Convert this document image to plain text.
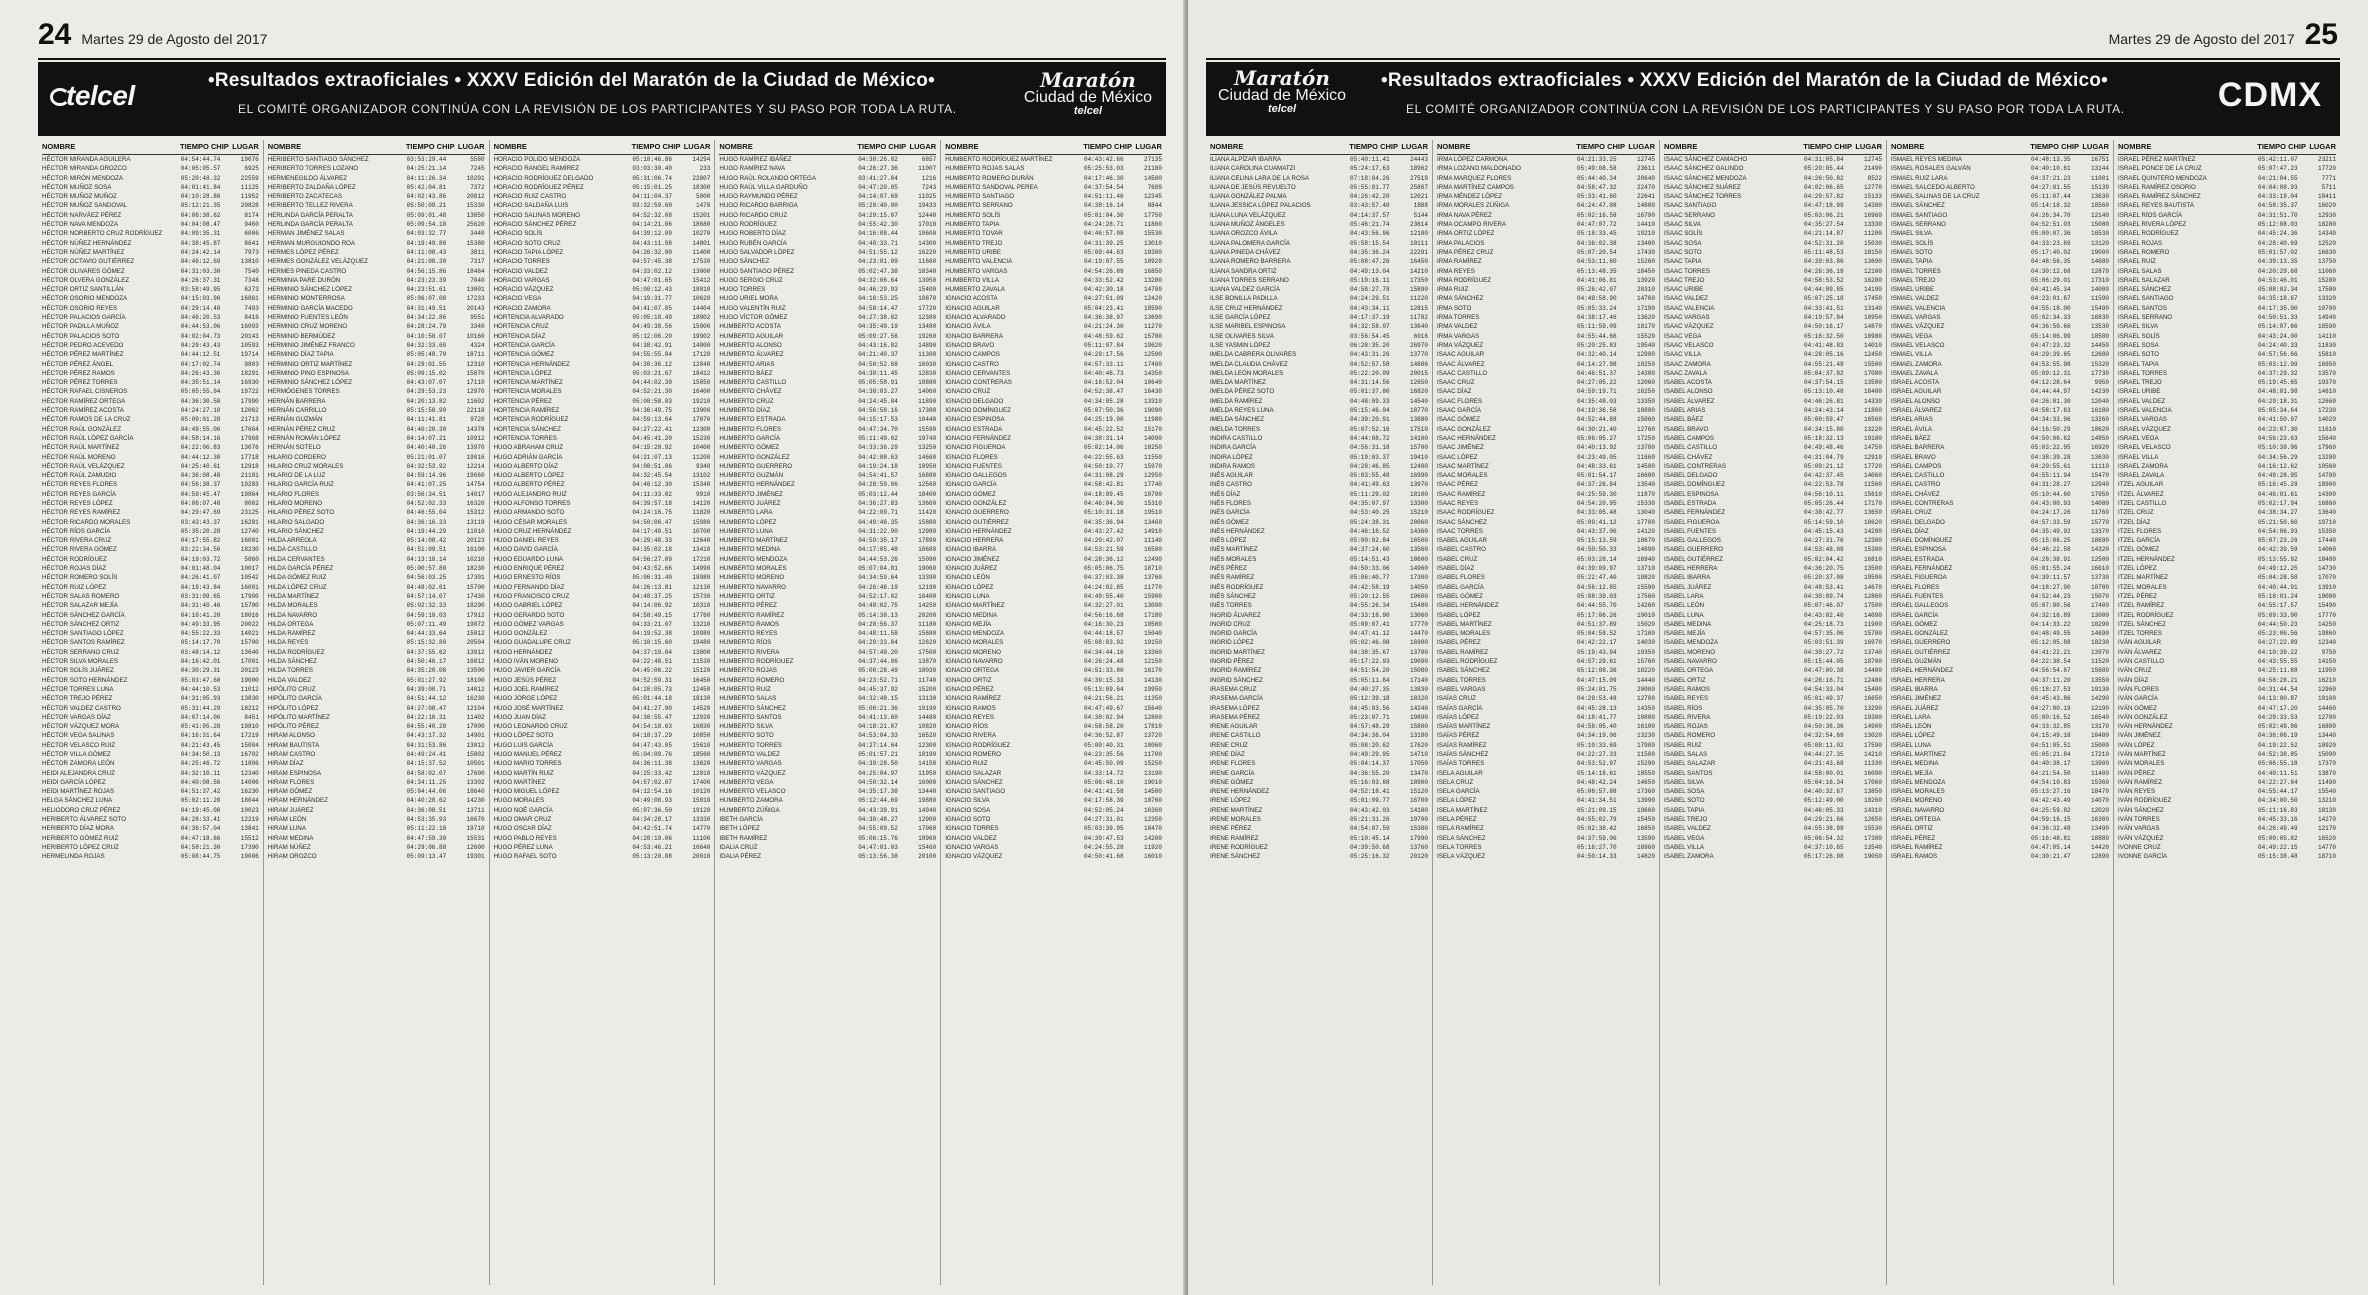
24 Martes 29 de Agosto del 2017
telcel	•Resultados extraoficiales • XXXV Edición del Maratón de la Ciudad de México•
EL COMITÉ ORGANIZADOR CONTINÚA CON LA REVISIÓN DE LOS PARTICIPANTES Y SU PASO POR TODA LA RUTA.
Maratón
Ciudad de México
telcel
NOMBRE	TIEMPO CHIP LUGAR
HÉCTOR MIRANDA AGUILERA	04:54:44.74	19076
HÉCTOR MIRANDA OROZCO	04:05:05.57	6925
HÉCTOR MIRÓN MENDOZA	05:20:48.32	22559
HÉCTOR MUÑOZ SOSA	04:01:41.84	11125
HÉCTOR MUÑOZ MUÑOZ	04:10:28.80	11952
HÉCTOR MUÑOZ SANDOVAL	05:12:21.35	20828
HÉCTOR NARVÁEZ PÉREZ	04:06:38.62	8174
HÉCTOR NAVA MENDOZA	04:04:08.47	9460
HÉCTOR NORBERTO CRUZ RODRÍGUEZ	04:09:35.31	6006
HÉCTOR NÚÑEZ HERNÁNDEZ	04:38:45.87	8641
HÉCTOR NÚÑEZ MARTÍNEZ	04:24:42.14	7973
HÉCTOR OCTAVIO GUTIÉRREZ	04:46:12.69	13810
HÉCTOR OLIVARES GÓMEZ	04:31:03.30	7540
HÉCTOR OLVERA GONZÁLEZ	04:26:37.31	7348
HÉCTOR ORTIZ SANTILLÁN	03:58:49.95	6273
HÉCTOR OSORIO MENDOZA	04:15:03.90	16861
HÉCTOR OSORIO REYES	04:29:14.40	7493
HÉCTOR PALACIOS GARCÍA	04:46:20.53	8416
HÉCTOR PADILLA MUÑOZ	04:44:53.06	16093
HÉCTOR PALACIOS SOTO	04:02:04.73	20143
HÉCTOR PEDRO ACEVEDO	04:29:43.43	10593
HÉCTOR PÉREZ MARTÍNEZ	04:44:12.51	19714
HÉCTOR PÉREZ ÁNGEL	04:17:02.74	9803
HÉCTOR PÉREZ RAMOS	04:26:43.36	18291
HÉCTOR PÉREZ TORRES	04:35:51.14	16930
HÉCTOR RAFAEL CISNEROS	05:05:55.94	19722
HÉCTOR RAMÍREZ ORTEGA	04:36:30.58	17990
HÉCTOR RAMÍREZ ACOSTA	04:24:27.10	12062
HÉCTOR RAMOS DE LA CRUZ	05:09:01.28	21713
HÉCTOR RAÚL GONZÁLEZ	04:49:55.06	17604
HÉCTOR RAÚL LÓPEZ GARCÍA	04:58:14.16	17968
HÉCTOR RAÚL MARTÍNEZ	04:22:06.83	13076
HÉCTOR RAÚL MORENO	04:44:12.30	17718
HÉCTOR RAÚL VELÁZQUEZ	04:25:40.61	12918
HÉCTOR RAÚL ZAMUDIO	04:36:08.48	21101
HÉCTOR REYES FLORES	04:56:38.37	19283
HÉCTOR REYES GARCÍA	04:59:45.47	19864
HÉCTOR REYES LÓPEZ	04:06:07.48	8002
HÉCTOR REYES RAMÍREZ	04:29:47.69	23125
HÉCTOR RICARDO MORALES	03:43:43.37	16281
HÉCTOR RÍOS GARCÍA	05:35:20.28	12740
HÉCTOR RIVERA CRUZ	04:17:55.82	16001
HÉCTOR RIVERA GÓMEZ	03:22:34.56	18230
HÉCTOR RODRÍGUEZ	04:19:03.72	5860
HÉCTOR ROJAS DÍAZ	04:01:48.04	10017
HÉCTOR ROMERO SOLÍS	04:26:41.07	10542
HÉCTOR RUIZ LÓPEZ	04:19:43.84	16001
HÉCTOR SALAS ROMERO	03:31:09.65	17900
HÉCTOR SALAZAR MEJÍA	04:31:40.46	15700
HÉCTOR SÁNCHEZ GARCÍA	04:10:41.20	18016
HÉCTOR SÁNCHEZ ORTIZ	04:49:33.95	20022
HÉCTOR SANTIAGO LÓPEZ	04:55:22.33	14021
HÉCTOR SANTOS RAMÍREZ	05:14:17.70	15700
HÉCTOR SERRANO CRUZ	03:48:14.12	13640
HÉCTOR SILVA MORALES	04:16:42.01	17001
HÉCTOR SOLÍS JUÁREZ	04:30:29.31	20123
HÉCTOR SOTO HERNÁNDEZ	05:03:47.60	19000
HÉCTOR TORRES LUNA	04:44:10.53	11012
HÉCTOR TREJO PÉREZ	04:31:05.93	13830
HÉCTOR VALDEZ CASTRO	05:31:44.29	18212
HÉCTOR VARGAS DÍAZ	04:07:14.06	8451
HÉCTOR VÁZQUEZ MORA	05:41:05.28	19810
HÉCTOR VEGA SALINAS	04:16:31.64	17219
HÉCTOR VELASCO RUIZ	04:21:43.45	15004
HÉCTOR VILLA GÓMEZ	04:34:50.13	16702
HÉCTOR ZAMORA LEÓN	04:25:46.72	11806
HEIDI ALEJANDRA CRUZ	04:32:10.11	12340
HEIDI GARCÍA LÓPEZ	04:40:08.56	14006
HEIDI MARTÍNEZ ROJAS	04:51:37.42	16230
HELGA SÁNCHEZ LUNA	05:02:11.20	18044
HELIODORO CRUZ PÉREZ	04:19:45.08	10023
HERIBERTO ÁLVAREZ SOTO	04:28:33.41	12219
HERIBERTO DÍAZ MORA	04:36:57.04	13841
HERIBERTO GÓMEZ RUIZ	04:47:18.66	15512
HERIBERTO LÓPEZ CRUZ	04:58:21.30	17390
HERMELINDA ROJAS	05:08:44.75	19006
NOMBRE	TIEMPO CHIP LUGAR
HERIBERTO SANTIAGO SÁNCHEZ	03:53:29.44	5580
HERIBERTO TORRES LOZANO	04:25:21.14	7245
HERMENEGILDO ÁLVAREZ	04:11:26.34	10201
HERIBERTO ZALDAÑA LÓPEZ	05:42:04.81	7372
HERIBERTO ZACATECAS	04:02:43.86	20812
HERIBERTO TELLEZ RIVERA	05:50:09.21	15330
HERLINDA GARCÍA PERALTA	05:09:01.48	13850
HERLINDA GARCÍA PERALTA	05:09:54.18	25620
HERMAN JIMÉNEZ SALAS	04:03:32.77	3440
HERMAN MURGUIONDO ROA	04:19:49.80	15380
HERMES LÓPEZ PÉREZ	04:11:08.43	3811
HERMES GONZÁLEZ VELÁZQUEZ	04:21:08.30	7317
HERMES PINEDA CASTRO	04:56:15.86	18484
HERMINIA PARE DURÓN	04:23:23.39	7040
HERMINIO SÁNCHEZ LÓPEZ	04:23:51.61	13001
HERMINIO MONTERROSA	05:06:07.08	17233
HERMINIO GARCÍA MACEDO	04:31:49.51	20143
HERMINIO FUENTES LEÓN	04:34:22.86	9551
HERMINIO CRUZ MORENO	04:28:24.79	3340
HERMINIO BERMÚDEZ	04:10:58.07	10160
HERMINIO JIMÉNEZ FRANCO	04:32:33.60	4324
HERMINIO DÍAZ TAPIA	05:05:48.70	18711
HERMINIO ORTIZ MARTÍNEZ	04:29:01.55	12310
HERMINIO PINO ESPINOSA	05:09:15.02	15870
HERMINIO SÁNCHEZ LÓPEZ	04:43:07.07	17110
HERMÓGENES TORRES	04:29:53.23	12970
HERNÁN BARRERA	04:20:13.82	11602
HERNÁN CARRILLO	05:15:58.90	22118
HERNÁN GUZMÁN	04:11:41.81	9720
HERNÁN PÉREZ CRUZ	04:40:20.30	14378
HERNÁN ROMÁN LÓPEZ	04:14:07.21	10912
HERNÁN SOTELO	04:40:40.26	13970
HILARIO CORDERO	05:21:01.07	19016
HILARIO CRUZ MORALES	04:32:53.92	12214
HILARIO DE LA LUZ	04:59:14.96	19660
HILARIO GARCÍA RUIZ	04:41:07.25	14754
HILARIO FLORES	03:56:34.51	14017
HILARIO MORENO	04:52:02.33	16320
HILARIO PÉREZ SOTO	04:46:55.04	15312
HILARIO SALGADO	04:36:16.33	13119
HILARIO SÁNCHEZ	04:19:44.29	11010
HILDA ARREOLA	05:14:08.42	20123
HILDA CASTILLO	04:51:09.51	16100
HILDA CERVANTES	04:13:18.14	10210
HILDA GARCÍA PÉREZ	05:00:57.80	18230
HILDA GÓMEZ RUIZ	04:56:03.25	17301
HILDA LÓPEZ CRUZ	04:48:02.61	15700
HILDA MARTÍNEZ	04:57:14.07	17430
HILDA MORALES	05:02:32.33	18290
HILDA NAVARRO	04:59:18.03	17912
HILDA ORTEGA	05:07:11.49	19072
HILDA RAMÍREZ	04:44:33.64	15012
HILDA REYES	05:15:32.80	20504
HILDA RODRÍGUEZ	04:37:55.62	13912
HILDA SÁNCHEZ	04:50:46.17	16012
HILDA TORRES	04:35:20.08	13500
HILDA VALDEZ	05:01:27.92	18100
HIPÓLITO CRUZ	04:39:00.71	14012
HIPÓLITO GARCÍA	04:51:44.12	16230
HIPÓLITO LÓPEZ	04:27:08.47	12104
HIPÓLITO MARTÍNEZ	04:22:16.31	11402
HIPÓLITO PÉREZ	04:55:40.28	17000
HIRAM ALONSO	04:43:17.32	14901
HIRAM BAUTISTA	04:31:53.86	13012
HIRAM CASTRO	04:49:24.41	15802
HIRAM DÍAZ	04:15:37.52	10501
HIRAM ESPINOSA	04:58:02.07	17600
HIRAM FLORES	04:34:11.25	13302
HIRAM GÓMEZ	05:04:44.06	18640
HIRAM HERNÁNDEZ	04:40:28.62	14230
HIRAM JUÁREZ	04:36:08.51	13711
HIRAM LEÓN	04:53:35.93	16670
HIRAM LUNA	05:11:22.18	19710
HIRAM MEDINA	04:47:59.30	15531
HIRAM NÚÑEZ	04:29:06.88	12600
HIRAM OROZCO	05:09:13.47	19301
NOMBRE	TIEMPO CHIP LUGAR
HORACIO POLIDO MENDOZA	05:10:46.86	14294
HORACIO RANGEL RAMÍREZ	03:03:30.40	233
HORACIO RODRÍGUEZ DELGADO	05:31:06.74	22807
HORACIO RODRÍGUEZ PÉREZ	05:15:01.25	18300
HORACIO RUIZ CASTRO	04:11:04.37	5000
HORACIO SALDAÑA LUIS	03:32:59.60	1478
HORACIO SALINAS MORENO	04:52:32.08	15201
HORACIO SÁNCHEZ PÉREZ	04:14:21.06	18680
HORACIO SOLÍS	04:39:12.09	10270
HORACIO SOTO CRUZ	04:43:11.98	14801
HORACIO TAPIA LÓPEZ	04:26:32.00	11400
HORACIO TORRES	04:57:45.38	17530
HORACIO VALDEZ	04:33:02.12	13000
HORACIO VARGAS	04:47:01.65	15412
HORACIO VÁZQUEZ	05:00:12.43	18010
HORACIO VEGA	04:19:31.77	10620
HORACIO ZAMORA	04:41:07.05	14404
HORTENCIA ALVARADO	05:05:18.49	18902
HORTENCIA CRUZ	04:49:38.56	15900
HORTENCIA DÍAZ	05:12:06.20	19902
HORTENCIA GARCÍA	04:38:42.91	14000
HORTENCIA GÓMEZ	04:55:55.84	17120
HORTENCIA HERNÁNDEZ	04:30:36.12	12840
HORTENCIA LÓPEZ	05:03:21.67	18412
HORTENCIA MARTÍNEZ	04:44:02.39	15050
HORTENCIA MORALES	04:52:21.30	16400
HORTENCIA PÉREZ	05:08:58.03	19210
HORTENCIA RAMÍREZ	04:36:49.75	13900
HORTENCIA RODRÍGUEZ	04:59:13.64	17870
HORTENCIA SÁNCHEZ	04:27:22.41	12300
HORTENCIA TORRES	04:45:41.20	15230
HUGO ABRAHAM CRUZ	04:15:28.92	10400
HUGO ADRIÁN GARCÍA	04:21:07.13	11200
HUGO ALBERTO DÍAZ	04:08:51.86	9340
HUGO ALBERTO LÓPEZ	04:32:45.54	13102
HUGO ALBERTO PÉREZ	04:46:12.30	15340
HUGO ALEJANDRO RUIZ	04:11:33.02	9910
HUGO ALFONSO TORRES	04:39:57.18	14120
HUGO ARMANDO SOTO	04:24:16.75	11820
HUGO CÉSAR MORALES	04:50:06.47	15980
HUGO CRUZ HERNÁNDEZ	04:17:40.51	10700
HUGO DANIEL REYES	04:29:48.33	12640
HUGO DAVID GARCÍA	04:35:02.18	13410
HUGO EDUARDO LUNA	04:56:27.09	17210
HUGO ENRIQUE PÉREZ	04:43:52.66	14990
HUGO ERNESTO RÍOS	05:06:31.40	18980
HUGO FERNANDO DÍAZ	04:26:13.81	12130
HUGO FRANCISCO CRUZ	04:48:37.25	15730
HUGO GABRIEL LÓPEZ	04:14:06.92	10310
HUGO GERARDO SOTO	04:58:49.15	17760
HUGO GÓMEZ VARGAS	04:33:21.07	13210
HUGO GONZÁLEZ	04:19:52.38	10980
HUGO GUADALUPE CRUZ	05:10:15.60	19480
HUGO HERNÁNDEZ	04:37:19.84	13800
HUGO IVÁN MORENO	04:22:48.51	11530
HUGO JAVIER GARCÍA	04:45:06.22	15120
HUGO JESÚS PÉREZ	04:52:59.31	16450
HUGO JOEL RAMÍREZ	04:28:05.73	12450
HUGO JORGE LÓPEZ	05:01:44.18	18130
HUGO JOSÉ MARTÍNEZ	04:41:27.90	14520
HUGO JUAN DÍAZ	04:30:55.47	12920
HUGO LEONARDO CRUZ	04:54:18.63	16830
HUGO LÓPEZ SOTO	04:18:37.29	10850
HUGO LUIS GARCÍA	04:47:43.05	15610
HUGO MANUEL PÉREZ	05:04:09.76	18560
HUGO MARIO TORRES	04:36:11.38	13620
HUGO MARTÍN RUIZ	04:25:33.42	12010
HUGO MARTÍNEZ	04:57:02.87	17400
HUGO MIGUEL LÓPEZ	04:12:54.16	10120
HUGO MORALES	04:49:08.93	15810
HUGO NOÉ GARCÍA	05:07:36.50	19120
HUGO OMAR CRUZ	04:34:28.17	13330
HUGO OSCAR DÍAZ	04:42:51.74	14770
HUGO PABLO REYES	04:20:19.06	11100
HUGO PÉREZ LUNA	04:53:46.21	16640
HUGO RAFAEL SOTO	05:13:20.88	20010
NOMBRE	TIEMPO CHIP LUGAR
HUGO RAMÍREZ IBÁÑEZ	04:38:26.82	6857
HUGO RAMÍREZ NAVA	04:26:27.36	11007
HUGO RAÚL ROLANDO ORTEGA	03:41:27.84	1216
HUGO RAÚL VILLA GARDUÑO	04:47:20.05	7243
HUGO RAYMUNDO PÉREZ	04:14:07.69	11025
HUGO RICARDO BARRIGA	05:20:40.00	19433
HUGO RICARDO CRUZ	04:29:15.07	12440
HUGO RODRÍGUEZ	04:55:42.30	17010
HUGO ROBERTO DÍAZ	04:16:08.44	10600
HUGO RUBÉN GARCÍA	04:40:33.71	14300
HUGO SALVADOR LÓPEZ	04:51:55.12	16220
HUGO SÁNCHEZ	04:23:01.09	11660
HUGO SANTIAGO PÉREZ	05:02:47.38	18340
HUGO SERGIO CRUZ	04:32:06.64	13050
HUGO TORRES	04:46:29.93	15400
HUGO URIEL MORA	04:18:53.25	10870
HUGO VALENTÍN RUIZ	04:58:14.47	17720
HUGO VÍCTOR GÓMEZ	04:27:38.82	12380
HUMBERTO ACOSTA	04:35:49.19	13480
HUMBERTO AGUILAR	05:09:27.56	19260
HUMBERTO ALONSO	04:43:16.02	14890
HUMBERTO ÁLVAREZ	04:21:40.37	11300
HUMBERTO ARIAS	04:50:52.68	16030
HUMBERTO BÁEZ	04:30:11.45	12830
HUMBERTO CASTILLO	05:05:58.91	18880
HUMBERTO CHÁVEZ	04:38:03.27	14060
HUMBERTO CRUZ	04:24:45.84	11890
HUMBERTO DÍAZ	04:56:58.16	17380
HUMBERTO ESTRADA	04:15:17.53	10440
HUMBERTO FLORES	04:47:34.70	15590
HUMBERTO GARCÍA	05:11:49.02	19740
HUMBERTO GÓMEZ	04:33:36.29	13250
HUMBERTO GONZÁLEZ	04:42:08.63	14660
HUMBERTO GUERRERO	04:19:24.18	10950
HUMBERTO GUZMÁN	04:54:41.57	16880
HUMBERTO HERNÁNDEZ	04:28:59.06	12560
HUMBERTO JIMÉNEZ	05:03:12.44	18400
HUMBERTO JUÁREZ	04:36:27.83	13660
HUMBERTO LARA	04:22:09.71	11420
HUMBERTO LÓPEZ	04:49:46.35	15880
HUMBERTO LUNA	04:31:22.90	12980
HUMBERTO MARTÍNEZ	04:59:35.17	17890
HUMBERTO MEDINA	04:17:05.48	10680
HUMBERTO MENDOZA	04:44:53.26	15090
HUMBERTO MORALES	05:07:04.81	19060
HUMBERTO MORENO	04:34:59.64	13390
HUMBERTO NAVARRO	04:26:46.19	12190
HUMBERTO ORTIZ	04:52:17.02	16400
HUMBERTO PÉREZ	04:40:02.75	14250
HUMBERTO RAMÍREZ	05:14:38.13	20200
HUMBERTO RAMOS	04:20:56.37	11180
HUMBERTO REYES	04:48:11.58	15680
HUMBERTO RÍOS	04:29:33.84	12620
HUMBERTO RIVERA	04:57:49.20	17500
HUMBERTO RODRÍGUEZ	04:37:44.06	13870
HUMBERTO ROJAS	05:00:28.49	18030
HUMBERTO ROMERO	04:23:52.71	11740
HUMBERTO RUIZ	04:45:37.92	15200
HUMBERTO SALAS	04:32:48.15	13130
HUMBERTO SÁNCHEZ	05:08:21.36	19190
HUMBERTO SANTOS	04:41:13.60	14480
HUMBERTO SILVA	04:18:21.87	10820
HUMBERTO SOTO	04:53:04.33	16520
HUMBERTO TORRES	04:27:14.64	12300
HUMBERTO VALDEZ	05:01:57.21	18190
HUMBERTO VARGAS	04:39:28.50	14150
HUMBERTO VÁZQUEZ	04:25:04.97	11950
HUMBERTO VEGA	04:50:32.14	16000
HUMBERTO VELASCO	04:35:17.38	13440
HUMBERTO ZAMORA	05:12:44.69	19880
HUMBERTO ZÚÑIGA	04:43:39.91	14940
IBETH GARCÍA	04:30:48.27	12900
IBETH LÓPEZ	04:55:09.52	17060
IBETH RAMÍREZ	05:06:15.76	18960
IDALIA CRUZ	04:47:01.03	15460
IDALIA PÉREZ	05:13:56.38	20100
NOMBRE	TIEMPO CHIP LUGAR
HUMBERTO RODRÍGUEZ MARTÍNEZ	04:43:42.66	27135
HUMBERTO ROJAS SALAS	05:25:53.03	21180
HUMBERTO ROMERO DURÁN	04:17:46.30	14500
HUMBERTO SANDOVAL PEREA	04:37:54.54	7689
HUMBERTO SANTIAGO	04:51:11.46	12345
HUMBERTO SERRANO	04:38:16.14	8844
HUMBERTO SOLÍS	05:01:04.30	17750
HUMBERTO TAPIA	04:24:28.71	11860
HUMBERTO TOVAR	04:46:57.08	15530
HUMBERTO TREJO	04:31:39.25	13010
HUMBERTO URIBE	05:09:44.63	19300
HUMBERTO VALENCIA	04:19:07.55	10920
HUMBERTO VARGAS	04:54:26.89	16850
HUMBERTO VILLA	04:33:52.42	13280
HUMBERTO ZAVALA	04:42:30.18	14700
IGNACIO ACOSTA	04:27:51.09	12420
IGNACIO AGUILAR	05:04:23.41	18590
IGNACIO ALVARADO	04:36:38.97	13690
IGNACIO ÁVILA	04:21:24.30	11270
IGNACIO BARRERA	04:48:59.62	15780
IGNACIO BRAVO	05:11:07.84	19620
IGNACIO CAMPOS	04:29:17.56	12590
IGNACIO CASTRO	04:57:33.11	17460
IGNACIO CERVANTES	04:40:46.73	14350
IGNACIO CONTRERAS	04:16:52.04	10640
IGNACIO CRUZ	04:52:38.47	16430
IGNACIO DELGADO	04:34:05.28	13310
IGNACIO DOMÍNGUEZ	05:07:50.36	19090
IGNACIO ESPINOSA	04:25:19.90	11980
IGNACIO ESTRADA	04:45:22.52	15170
IGNACIO FERNÁNDEZ	04:38:31.14	14090
IGNACIO FIGUEROA	05:02:14.06	18250
IGNACIO FLORES	04:22:55.63	11550
IGNACIO FUENTES	04:50:19.77	15970
IGNACIO GALLEGOS	04:31:08.29	12950
IGNACIO GARCÍA	04:58:42.81	17740
IGNACIO GÓMEZ	04:18:09.45	10790
IGNACIO GONZÁLEZ	04:46:04.36	15310
IGNACIO GUERRERO	05:10:31.18	19510
IGNACIO GUTIÉRREZ	04:35:36.94	13460
IGNACIO HERNÁNDEZ	04:43:27.42	14910
IGNACIO HERRERA	04:20:42.07	11140
IGNACIO IBARRA	04:53:21.59	16580
IGNACIO JIMÉNEZ	04:28:36.12	12490
IGNACIO JUÁREZ	05:05:06.75	18710
IGNACIO LEÓN	04:37:03.38	13760
IGNACIO LÓPEZ	04:24:02.85	11770
IGNACIO LUNA	04:49:55.40	15900
IGNACIO MARTÍNEZ	04:32:27.01	13090
IGNACIO MEDINA	04:56:16.68	17180
IGNACIO MEJÍA	04:16:30.23	10580
IGNACIO MENDOZA	04:44:18.57	15040
IGNACIO MORALES	05:08:03.92	19150
IGNACIO MORENO	04:34:44.16	13360
IGNACIO NAVARRO	04:26:24.48	12150
IGNACIO ORTEGA	04:51:33.80	16170
IGNACIO ORTIZ	04:39:15.33	14130
IGNACIO PÉREZ	05:13:09.64	19950
IGNACIO RAMÍREZ	04:21:56.21	11350
IGNACIO RAMOS	04:47:49.67	15640
IGNACIO REYES	04:30:02.94	12800
IGNACIO RÍOS	04:58:58.20	17810
IGNACIO RIVERA	04:36:52.87	13720
IGNACIO RODRÍGUEZ	05:00:40.31	18060
IGNACIO ROMERO	04:23:35.56	11700
IGNACIO RUIZ	04:45:50.09	15250
IGNACIO SALAZAR	04:33:14.72	13190
IGNACIO SÁNCHEZ	05:06:48.10	19010
IGNACIO SANTIAGO	04:41:41.58	14580
IGNACIO SILVA	04:17:58.39	10760
IGNACIO SOSA	04:52:05.24	16360
IGNACIO SOTO	04:27:31.01	12350
IGNACIO TORRES	05:03:39.95	18470
IGNACIO VALDEZ	04:39:47.53	14200
IGNACIO VARGAS	04:24:55.28	11920
IGNACIO VÁZQUEZ	04:50:41.68	16010
Martes 29 de Agosto del 2017 25
Maratón
Ciudad de México
telcel
•Resultados extraoficiales • XXXV Edición del Maratón de la Ciudad de México•
EL COMITÉ ORGANIZADOR CONTINÚA CON LA REVISIÓN DE LOS PARTICIPANTES Y SU PASO POR TODA LA RUTA.	CDMX
NOMBRE	TIEMPO CHIP LUGAR
ILIANA ALPÍZAR IBARRA	05:40:11.41	24443
ILIANA CAROLINA CUAMATZI	05:24:17.63	18962
ILIANA CELINA LARA DE LA ROSA	07:18:04.26	27519
ILIANA DE JESÚS REVUELTO	05:55:01.77	25867
ILIANA GONZÁLEZ PALMA	04:26:42.20	12021
ILIANA JESSICA LÓPEZ PALACIOS	03:43:57.40	1888
ILIANA LUNA VELÁZQUEZ	04:14:37.57	5144
ILIANA MUÑOZ ÁNGELES	05:46:21.74	23614
ILIANA OROZCO ÁVILA	04:43:56.96	12100
ILIANA PALOMERA GARCÍA	05:58:15.54	10111
ILIANA PINEDA CHÁVEZ	04:35:36.24	22291
ILIANA ROMERO BARRERA	05:08:47.26	16450
ILIANA SANDRA ORTIZ	04:49:13.04	14210
ILIANA TORRES SERRANO	05:10:16.11	17350
ILIANA VALDEZ GARCÍA	04:58:27.78	15890
ILSE BONILLA PADILLA	04:24:29.51	11220
ILSE CRUZ HERNÁNDEZ	04:43:34.11	12815
ILSE GARCÍA LÓPEZ	04:17:37.19	11782
ILSE MARIBEL ESPINOSA	04:32:58.07	13640
ILSE OLIVARES SILVA	03:56:54.45	6016
ILSE YASMIN LÓPEZ	06:28:35.20	26970
IMELDA CABRERA OLIVARES	04:43:31.26	13770
IMELDA CLAUDIA CHÁVEZ	04:52:57.58	14886
IMELDA LEÓN MORALES	05:22:20.09	20015
IMELDA MARTÍNEZ	04:31:14.56	12650
IMELDA PÉREZ SOTO	05:01:37.80	16820
IMELDA RAMÍREZ	04:48:09.33	14540
IMELDA REYES LUNA	05:15:46.04	18770
IMELDA SÁNCHEZ	04:39:20.91	13880
IMELDA TORRES	05:07:52.16	17510
INDIRA CASTILLO	04:44:08.72	14100
INDIRA GARCÍA	04:56:31.18	15700
INDIRA LÓPEZ	05:19:03.37	19410
INDIRA RAMOS	04:28:46.85	12400
INÉS AGUILAR	05:03:55.48	16990
INÉS CASTRO	04:41:49.63	13970
INÉS DÍAZ	05:11:29.02	18100
INÉS FLORES	04:35:07.97	13300
INÉS GARCÍA	04:53:40.25	15210
INÉS GÓMEZ	05:24:38.31	20060
INÉS HERNÁNDEZ	04:46:16.52	14360
INÉS LÓPEZ	05:00:02.84	16500
INÉS MARTÍNEZ	04:37:24.60	13560
INÉS MORALES	05:14:51.43	18600
INÉS PÉREZ	04:50:33.06	14960
INÉS RAMÍREZ	05:06:40.77	17300
INÉS RODRÍGUEZ	04:42:58.19	14050
INÉS SÁNCHEZ	05:20:12.55	19600
INÉS TORRES	04:55:26.34	15480
INGRID ÁLVAREZ	04:33:18.90	13060
INGRID CRUZ	05:09:07.41	17770
INGRID GARCÍA	04:47:41.12	14470
INGRID LÓPEZ	05:02:46.08	16900
INGRID MARTÍNEZ	04:38:35.67	13700
INGRID PÉREZ	05:17:22.93	19090
INGRID RAMÍREZ	04:51:54.20	15080
INGRID SÁNCHEZ	05:05:11.84	17140
IRASEMA CRUZ	04:40:27.35	13830
IRASEMA GARCÍA	05:12:39.18	18320
IRASEMA LÓPEZ	04:45:03.56	14240
IRASEMA PÉREZ	05:23:07.71	19890
IRENE AGUILAR	04:57:48.29	15800
IRENE CASTILLO	04:34:36.04	13180
IRENE CRUZ	05:08:20.62	17620
IRENE DÍAZ	04:49:29.95	14710
IRENE FLORES	05:04:14.37	17050
IRENE GARCÍA	04:36:55.20	13470
IRENE GÓMEZ	05:16:03.88	18900
IRENE HERNÁNDEZ	04:52:18.41	15120
IRENE LÓPEZ	05:01:09.77	16700
IRENE MARTÍNEZ	04:43:42.03	14180
IRENE MORALES	05:21:31.26	19700
IRENE PÉREZ	04:54:07.59	15380
IRENE RAMÍREZ	05:10:45.14	17990
IRENE RODRÍGUEZ	04:39:50.68	13760
IRENE SÁNCHEZ	05:25:16.32	20120
NOMBRE	TIEMPO CHIP LUGAR
IRMA LÓPEZ CARMONA	04:21:33.25	12745
IRMA LOZANO MALDONADO	05:49:08.58	23611
IRMA MARQUEZ FLORES	05:44:40.34	20640
IRMA MARTÍNEZ CAMPOS	04:58:47.32	22470
IRMA MÉNDEZ LÓPEZ	05:33:41.60	22641
IRMA MORALES ZÚÑIGA	04:24:47.08	14800
IRMA NAVA PÉREZ	05:02:16.58	16790
IRMA OCAMPO RIVERA	04:47:07.72	14410
IRMA ORTIZ LÓPEZ	05:18:33.45	19210
IRMA PALACIOS	04:36:02.38	13400
IRMA PÉREZ CRUZ	05:07:20.54	17430
IRMA RAMÍREZ	04:53:11.60	15260
IRMA REYES	05:13:48.35	18450
IRMA RODRÍGUEZ	04:41:06.81	13920
IRMA RUIZ	05:26:42.07	20310
IRMA SÁNCHEZ	04:49:58.90	14760
IRMA SOTO	05:05:33.24	17190
IRMA TORRES	04:38:17.46	13620
IRMA VALDEZ	05:11:59.09	18170
IRMA VARGAS	04:55:44.66	15520
IRMA VÁZQUEZ	05:20:25.83	19540
ISAAC AGUILAR	04:32:40.14	12980
ISAAC ÁLVAREZ	04:14:27.98	10250
ISAAC CASTILLO	04:46:51.37	14300
ISAAC CRUZ	04:27:05.22	12060
ISAAC DÍAZ	04:59:19.71	16250
ISAAC FLORES	04:35:48.03	13350
ISAAC GARCÍA	04:19:36.56	10880
ISAAC GÓMEZ	04:52:44.88	15060
ISAAC GONZÁLEZ	04:30:21.40	12760
ISAAC HERNÁNDEZ	05:06:05.27	17250
ISAAC JIMÉNEZ	04:40:13.92	13780
ISAAC LÓPEZ	04:23:49.05	11660
ISAAC MARTÍNEZ	04:48:33.61	14580
ISAAC MORALES	05:01:54.17	16600
ISAAC PÉREZ	04:37:26.84	13540
ISAAC RAMÍREZ	04:25:59.30	11870
ISAAC REYES	04:54:20.95	15330
ISAAC RODRÍGUEZ	04:33:05.48	13040
ISAAC SÁNCHEZ	05:09:41.12	17700
ISAAC TORRES	04:43:37.06	14120
ISABEL AGUILAR	05:15:13.59	18670
ISABEL CASTRO	04:50:50.33	14890
ISABEL CRUZ	05:03:28.14	16940
ISABEL DÍAZ	04:39:09.97	13710
ISABEL FLORES	05:22:47.40	19820
ISABEL GARCÍA	04:56:12.85	15590
ISABEL GÓMEZ	05:08:39.03	17560
ISABEL HERNÁNDEZ	04:44:55.70	14260
ISABEL LÓPEZ	05:17:06.26	19010
ISABEL MARTÍNEZ	04:51:37.89	15020
ISABEL MORALES	05:04:58.52	17100
ISABEL PÉREZ	04:42:22.17	14030
ISABEL RAMÍREZ	05:19:43.94	19350
ISABEL RODRÍGUEZ	04:57:29.61	15760
ISABEL SÁNCHEZ	05:12:08.36	18220
ISABEL TORRES	04:47:15.09	14440
ISABEL VARGAS	05:24:01.75	20000
ISAÍAS CRUZ	04:29:53.48	12700
ISAÍAS GARCÍA	04:45:28.13	14350
ISAÍAS LÓPEZ	04:18:41.77	10800
ISAÍAS MARTÍNEZ	04:58:05.40	16100
ISAÍAS PÉREZ	04:34:19.06	13230
ISAÍAS RAMÍREZ	05:10:33.69	17900
ISAÍAS SÁNCHEZ	04:22:27.33	11500
ISAÍAS TORRES	04:53:52.97	15290
ISELA AGUILAR	05:14:18.61	18550
ISELA CRUZ	04:48:42.24	14650
ISELA GARCÍA	05:06:57.88	17360
ISELA LÓPEZ	04:41:34.51	13990
ISELA MARTÍNEZ	05:21:09.15	19660
ISELA PÉREZ	04:55:02.79	15450
ISELA RAMÍREZ	05:02:38.42	16850
ISELA SÁNCHEZ	04:37:59.06	13590
ISELA TORRES	05:16:27.70	18960
ISELA VÁZQUEZ	04:50:14.33	14820
NOMBRE	TIEMPO CHIP LUGAR
ISAAC SÁNCHEZ CAMACHO	04:31:05.84	12745
ISAAC SÁNCHEZ GALINDO	05:20:05.44	21490
ISAAC SÁNCHEZ MENDOZA	04:26:50.82	8522
ISAAC SÁNCHEZ SUÁREZ	04:02:06.65	12770
ISAAC SÁNCHEZ TORRES	04:29:57.82	15133
ISAAC SANTIAGO	04:47:18.99	14380
ISAAC SERRANO	05:03:06.21	16960
ISAAC SILVA	04:35:27.54	13330
ISAAC SOLÍS	04:21:14.87	11200
ISAAC SOSA	04:52:31.20	15030
ISAAC SOTO	05:11:48.53	18150
ISAAC TAPIA	04:39:03.86	13690
ISAAC TORRES	04:26:36.19	12100
ISAAC TREJO	04:58:53.52	16280
ISAAC URIBE	04:44:09.85	14190
ISAAC VALDEZ	05:07:25.18	17450
ISAAC VALENCIA	04:33:41.51	13140
ISAAC VARGAS	04:19:57.84	10950
ISAAC VÁZQUEZ	04:50:16.17	14870
ISAAC VEGA	05:16:32.50	18980
ISAAC VELASCO	04:41:48.83	14010
ISAAC VILLA	04:28:05.16	12450
ISAAC ZAMORA	04:55:21.49	15500
ISAAC ZAVALA	05:04:37.82	17080
ISABEL ACOSTA	04:37:54.15	13580
ISABEL ALONSO	05:13:10.48	18400
ISABEL ÁLVAREZ	04:46:26.81	14330
ISABEL ARIAS	04:24:43.14	11800
ISABEL BÁEZ	05:00:59.47	16560
ISABEL BRAVO	04:34:15.80	13220
ISABEL CAMPOS	05:18:32.13	19180
ISABEL CASTILLO	04:49:48.46	14750
ISABEL CHÁVEZ	04:31:04.79	12910
ISABEL CONTRERAS	05:09:21.12	17720
ISABEL DELGADO	04:42:37.45	14060
ISABEL DOMÍNGUEZ	04:22:53.78	11560
ISABEL ESPINOSA	04:56:10.11	15610
ISABEL ESTRADA	05:05:26.44	17170
ISABEL FERNÁNDEZ	04:38:42.77	13650
ISABEL FIGUEROA	05:14:59.10	18620
ISABEL FUENTES	04:45:15.43	14280
ISABEL GALLEGOS	04:27:31.76	12300
ISABEL GUERRERO	04:53:48.09	15300
ISABEL GUTIÉRREZ	05:02:04.42	16810
ISABEL HERRERA	04:36:20.75	13500
ISABEL IBARRA	05:20:37.08	19590
ISABEL JUÁREZ	04:48:53.41	14670
ISABEL LARA	04:30:09.74	12860
ISABEL LEÓN	05:07:46.07	17500
ISABEL LUNA	04:43:02.40	14090
ISABEL MEDINA	04:25:18.73	11900
ISABEL MEJÍA	04:57:35.06	15780
ISABEL MENDOZA	05:03:51.39	16970
ISABEL MORENO	04:39:27.72	13740
ISABEL NAVARRO	05:15:44.05	18700
ISABEL ORTEGA	04:47:00.38	14400
ISABEL ORTIZ	04:28:16.71	12480
ISABEL RAMOS	04:54:33.04	15400
ISABEL REYES	05:01:49.37	16650
ISABEL RÍOS	04:35:05.70	13290
ISABEL RIVERA	05:19:22.03	19300
ISABEL ROJAS	04:50:38.36	14900
ISABEL ROMERO	04:32:54.69	13020
ISABEL RUIZ	05:08:11.02	17590
ISABEL SALAS	04:44:27.35	14210
ISABEL SALAZAR	04:21:43.68	11330
ISABEL SANTOS	04:58:00.01	16090
ISABEL SILVA	05:04:16.34	17060
ISABEL SOSA	04:40:32.67	13850
ISABEL SOTO	05:12:49.00	18260
ISABEL TAPIA	04:46:05.33	14310
ISABEL TREJO	04:29:21.66	12650
ISABEL VALDEZ	04:55:38.99	15530
ISABEL VEGA	05:06:54.32	17380
ISABEL VILLA	04:37:10.65	13540
ISABEL ZAMORA	05:17:26.98	19050
NOMBRE	TIEMPO CHIP LUGAR
ISMAEL REYES MEDINA	04:48:13.35	16751
ISMAEL ROSALES GALVÁN	04:40:10.61	13144
ISMAEL RUIZ LARA	04:37:21.23	11001
ISMAEL SALCEDO ALBERTO	04:27:01.55	15139
ISMAEL SALINAS DE LA CRUZ	05:11:07.44	13630
ISMAEL SÁNCHEZ	05:14:18.32	18560
ISMAEL SANTIAGO	04:26:34.70	12140
ISMAEL SERRANO	04:52:51.03	15080
ISMAEL SILVA	05:00:07.36	16530
ISMAEL SOLÍS	04:33:23.69	13120
ISMAEL SOTO	05:17:40.02	19000
ISMAEL TAPIA	04:48:56.35	14680
ISMAEL TORRES	04:30:12.68	12870
ISMAEL TREJO	05:06:29.01	17310
ISMAEL URIBE	04:41:45.34	14000
ISMAEL VALDEZ	04:23:01.67	11590
ISMAEL VALENCIA	04:55:18.00	15490
ISMAEL VARGAS	05:02:34.33	16830
ISMAEL VÁZQUEZ	04:36:50.66	13530
ISMAEL VEGA	05:14:06.99	18580
ISMAEL VELASCO	04:47:23.32	14450
ISMAEL VILLA	04:29:39.65	12680
ISMAEL ZAMORA	04:53:55.98	15320
ISMAEL ZAVALA	05:09:12.31	17730
ISRAEL ACOSTA	04:12:28.64	9950
ISRAEL AGUILAR	04:44:44.97	14230
ISRAEL ALONSO	04:26:01.30	12040
ISRAEL ÁLVAREZ	04:58:17.63	16180
ISRAEL ARIAS	04:34:33.96	13260
ISRAEL ÁVILA	04:16:50.29	10620
ISRAEL BÁEZ	04:50:06.62	14850
ISRAEL BARRERA	05:03:22.95	16920
ISRAEL BRAVO	04:38:39.28	13630
ISRAEL CAMPOS	04:20:55.61	11110
ISRAEL CASTILLO	04:55:11.94	15470
ISRAEL CASTRO	04:31:28.27	12940
ISRAEL CHÁVEZ	05:10:44.60	17950
ISRAEL CONTRERAS	04:43:00.93	14080
ISRAEL CRUZ	04:24:17.26	11760
ISRAEL DELGADO	04:57:33.59	15770
ISRAEL DÍAZ	04:35:49.92	13370
ISRAEL DOMÍNGUEZ	05:15:06.25	18690
ISRAEL ESPINOSA	04:46:22.58	14320
ISRAEL ESTRADA	04:28:38.91	12500
ISRAEL FERNÁNDEZ	05:01:55.24	16610
ISRAEL FIGUEROA	04:39:11.57	13730
ISRAEL FLORES	04:18:27.90	10780
ISRAEL FUENTES	04:52:44.23	15070
ISRAEL GALLEGOS	05:07:00.56	17400
ISRAEL GARCÍA	04:32:16.89	13000
ISRAEL GÓMEZ	04:14:33.22	10290
ISRAEL GONZÁLEZ	04:48:49.55	14690
ISRAEL GUERRERO	05:12:05.88	18230
ISRAEL GUTIÉRREZ	04:41:22.21	13970
ISRAEL GUZMÁN	04:22:38.54	11520
ISRAEL HERNÁNDEZ	04:56:54.87	15680
ISRAEL HERRERA	04:37:11.20	13550
ISRAEL IBARRA	05:18:27.53	19130
ISRAEL JIMÉNEZ	04:45:43.86	14290
ISRAEL JUÁREZ	04:27:00.19	12190
ISRAEL LARA	05:00:16.52	16540
ISRAEL LEÓN	04:33:32.85	13170
ISRAEL LÓPEZ	04:15:49.18	10480
ISRAEL LUNA	04:51:05.51	15000
ISRAEL MARTÍNEZ	05:05:21.84	17210
ISRAEL MEDINA	04:40:38.17	13900
ISRAEL MEJÍA	04:21:54.50	11400
ISRAEL MENDOZA	04:54:10.83	15360
ISRAEL MORALES	05:13:27.16	18470
ISRAEL MORENO	04:42:43.49	14070
ISRAEL NAVARRO	04:25:59.82	12020
ISRAEL ORTEGA	04:59:16.15	16300
ISRAEL ORTIZ	04:36:32.48	13490
ISRAEL PÉREZ	05:16:48.81	18880
ISRAEL RAMÍREZ	04:47:05.14	14420
ISRAEL RAMOS	04:30:21.47	12890
NOMBRE	TIEMPO CHIP LUGAR
ISRAEL PÉREZ MARTÍNEZ	05:42:11.07	23211
ISRAEL PONCE DE LA CRUZ	05:07:47.23	17720
ISRAEL QUINTERO MENDOZA	04:21:04.55	7771
ISRAEL RAMÍREZ OSORIO	04:04:08.93	5711
ISRAEL RAMÍREZ SÁNCHEZ	04:33:19.04	10411
ISRAEL REYES BAUTISTA	04:58:35.37	16020
ISRAEL RÍOS GARCÍA	04:31:51.70	12930
ISRAEL RIVERA LÓPEZ	05:12:08.03	18280
ISRAEL RODRÍGUEZ	04:45:24.36	14340
ISRAEL ROJAS	04:28:40.69	12520
ISRAEL ROMERO	05:01:57.02	16630
ISRAEL RUIZ	04:39:13.35	13750
ISRAEL SALAS	04:20:29.68	11060
ISRAEL SALAZAR	04:53:46.01	15280
ISRAEL SÁNCHEZ	05:08:02.34	17580
ISRAEL SANTIAGO	04:35:18.67	13320
ISRAEL SANTOS	04:17:35.00	10700
ISRAEL SERRANO	04:50:51.33	14940
ISRAEL SILVA	05:14:07.66	18590
ISRAEL SOLÍS	04:43:24.00	14110
ISRAEL SOSA	04:24:40.33	11830
ISRAEL SOTO	04:57:56.66	15810
ISRAEL TAPIA	05:03:12.99	16950
ISRAEL TORRES	04:37:29.32	13570
ISRAEL TREJO	05:19:45.65	19370
ISRAEL URIBE	04:48:01.98	14610
ISRAEL VALDEZ	04:29:18.31	12660
ISRAEL VALENCIA	05:05:34.64	17230
ISRAEL VARGAS	04:41:50.97	14020
ISRAEL VÁZQUEZ	04:23:07.30	11610
ISRAEL VEGA	04:56:23.63	15640
ISRAEL VELASCO	05:10:39.96	17960
ISRAEL VILLA	04:34:56.29	13280
ISRAEL ZAMORA	04:16:12.62	10560
ISRAEL ZAVALA	04:49:28.95	14780
ITZEL AGUILAR	05:16:45.28	18900
ITZEL ÁLVAREZ	04:46:01.61	14300
ITZEL CASTILLO	05:02:17.94	16860
ITZEL CRUZ	04:38:34.27	13640
ITZEL DÍAZ	05:21:50.60	19710
ITZEL FLORES	04:54:06.93	15350
ITZEL GARCÍA	05:07:23.26	17440
ITZEL GÓMEZ	04:42:39.59	14060
ITZEL HERNÁNDEZ	05:13:55.92	18480
ITZEL LÓPEZ	04:49:12.25	14730
ITZEL MARTÍNEZ	05:04:28.58	17070
ITZEL MORALES	04:40:44.91	13910
ITZEL PÉREZ	05:18:01.24	19080
ITZEL RAMÍREZ	04:55:17.57	15490
ITZEL RODRÍGUEZ	05:09:33.90	17770
ITZEL SÁNCHEZ	04:44:50.23	14250
ITZEL TORRES	05:23:06.56	19860
IVÁN AGUILAR	04:27:22.89	12340
IVÁN ÁLVAREZ	04:10:39.22	9750
IVÁN CASTILLO	04:43:55.55	14150
IVÁN CRUZ	04:25:11.88	11950
IVÁN DÍAZ	04:58:28.21	16210
IVÁN FLORES	04:31:44.54	12960
IVÁN GARCÍA	04:13:00.87	10100
IVÁN GÓMEZ	04:47:17.20	14460
IVÁN GONZÁLEZ	04:29:33.53	12700
IVÁN HERNÁNDEZ	05:02:49.86	16880
IVÁN JIMÉNEZ	04:36:06.19	13440
IVÁN LÓPEZ	04:19:22.52	10920
IVÁN MARTÍNEZ	04:52:38.85	15090
IVÁN MORALES	05:06:55.18	17370
IVÁN PÉREZ	04:40:11.51	13870
IVÁN RAMÍREZ	04:22:27.84	11490
IVÁN REYES	04:55:44.17	15540
IVÁN RODRÍGUEZ	04:34:00.50	13210
IVÁN SÁNCHEZ	05:11:16.83	18130
IVÁN TORRES	04:45:33.16	14270
IVÁN VARGAS	04:26:49.49	12170
IVÁN VÁZQUEZ	05:00:05.82	16520
IVONNE CRUZ	04:49:22.15	14770
IVONNE GARCÍA	05:15:38.48	18710
